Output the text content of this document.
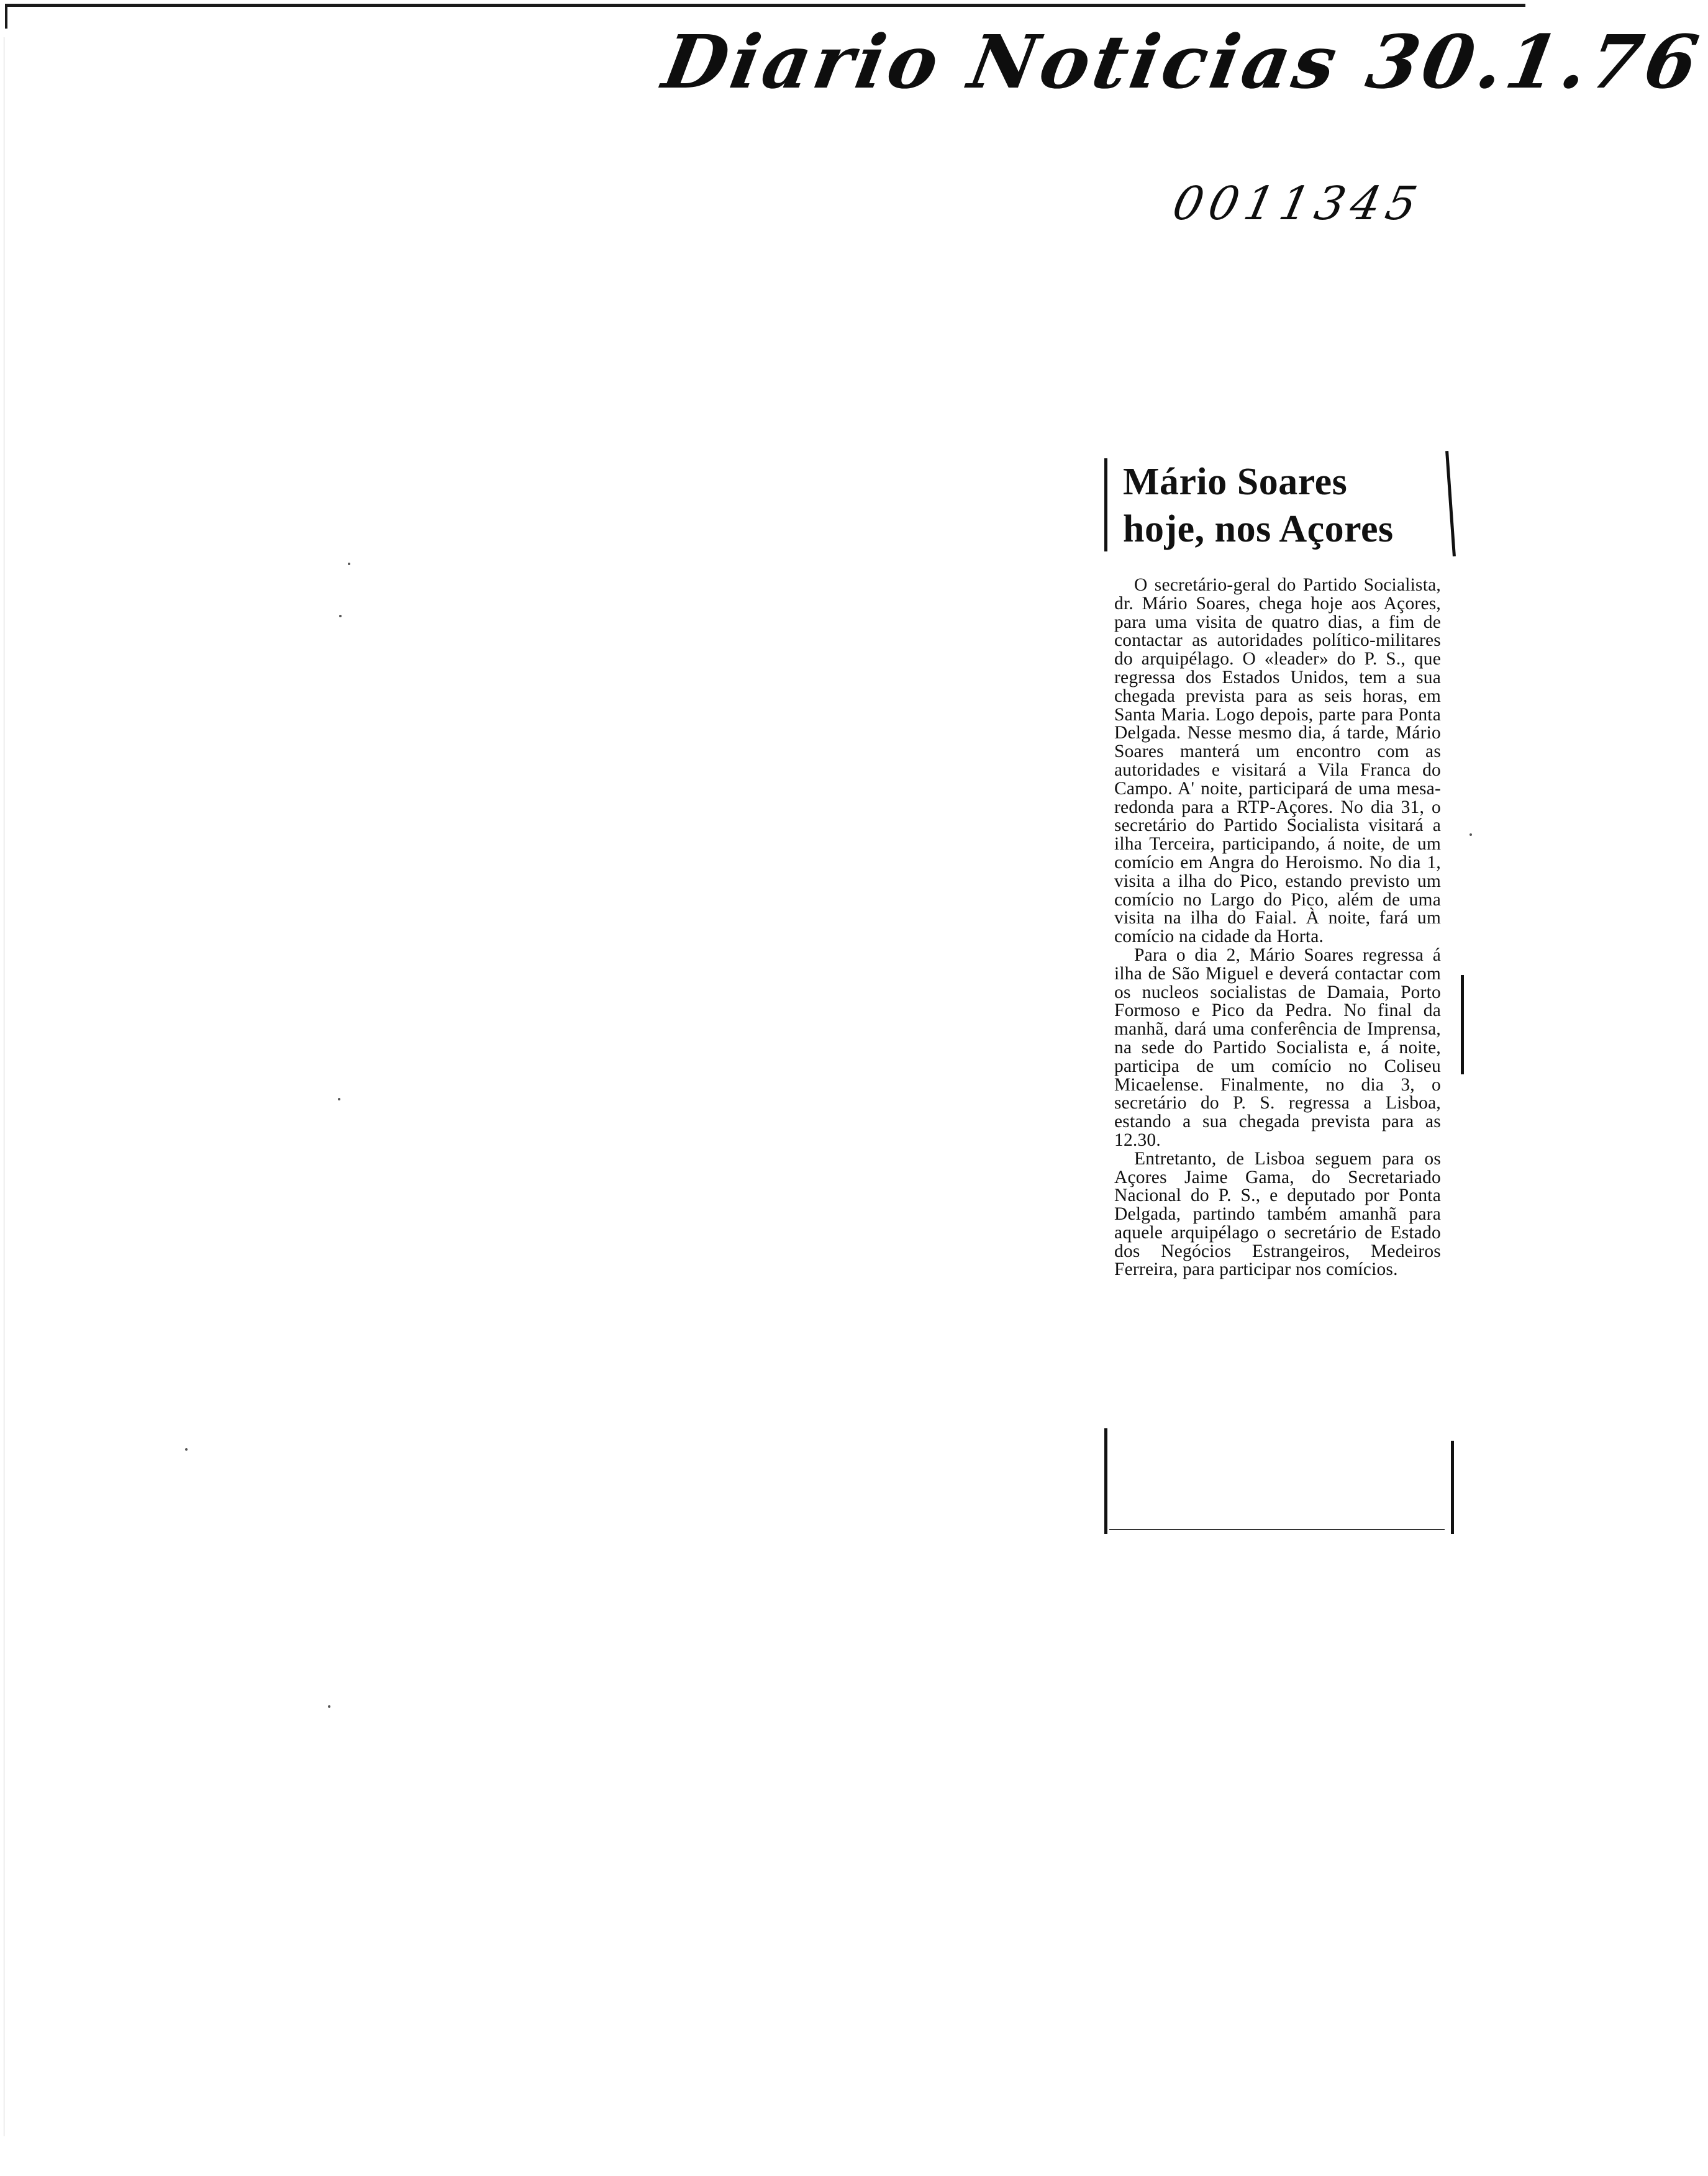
Diario Noticias 30.1.76
0011345
Mário Soares
hoje, nos Açores

O secretário-geral do Partido Socialista, dr. Mário Soares, chega hoje aos Açores, para uma visita de quatro dias, a fim de contactar as autoridades político-militares do arquipélago. O «leader» do P. S., que regressa dos Estados Unidos, tem a sua chegada prevista para as seis horas, em Santa Maria. Logo depois, parte para Ponta Delgada. Nesse mesmo dia, á tarde, Mário Soares manterá um encontro com as autoridades e visitará a Vila Franca do Campo. A' noite, participará de uma mesa-redonda para a RTP-Açores. No dia 31, o secretário do Partido Socialista visitará a ilha Terceira, participando, á noite, de um comício em Angra do Heroismo. No dia 1, visita a ilha do Pico, estando previsto um comício no Largo do Pico, além de uma visita na ilha do Faial. À noite, fará um comício na cidade da Horta.

Para o dia 2, Mário Soares regressa á ilha de São Miguel e deverá contactar com os nucleos socialistas de Damaia, Porto Formoso e Pico da Pedra. No final da manhã, dará uma conferência de Imprensa, na sede do Partido Socialista e, á noite, participa de um comício no Coliseu Micaelense. Finalmente, no dia 3, o secretário do P. S. regressa a Lisboa, estando a sua chegada prevista para as 12.30.

Entretanto, de Lisboa seguem para os Açores Jaime Gama, do Secretariado Nacional do P. S., e deputado por Ponta Delgada, partindo também amanhã para aquele arquipélago o secretário de Estado dos Negócios Estrangeiros, Medeiros Ferreira, para participar nos comícios.
